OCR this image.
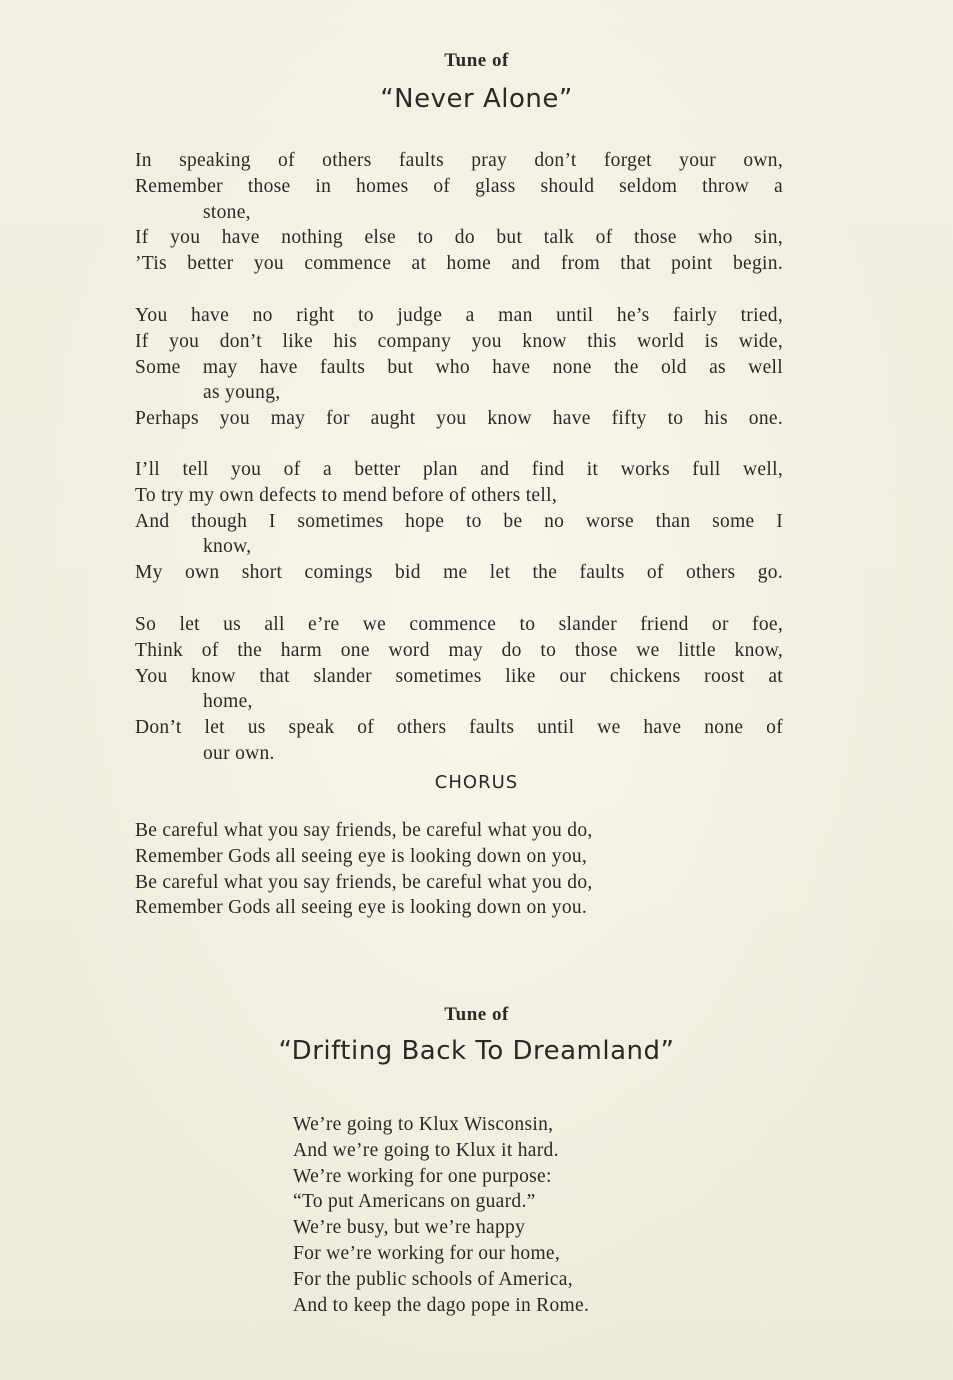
Tune of
“Never Alone”
In speaking of others faults pray don’t forget your own,
Remember those in homes of glass should seldom throw a
stone,
If you have nothing else to do but talk of those who sin,
’Tis better you commence at home and from that point begin.
You have no right to judge a man until he’s fairly tried,
If you don’t like his company you know this world is wide,
Some may have faults but who have none the old as well
as young,
Perhaps you may for aught you know have fifty to his one.
I’ll tell you of a better plan and find it works full well,
To try my own defects to mend before of others tell,
And though I sometimes hope to be no worse than some I
know,
My own short comings bid me let the faults of others go.
So let us all e’re we commence to slander friend or foe,
Think of the harm one word may do to those we little know,
You know that slander sometimes like our chickens roost at
home,
Don’t let us speak of others faults until we have none of
our own.
CHORUS
Be careful what you say friends, be careful what you do,
Remember Gods all seeing eye is looking down on you,
Be careful what you say friends, be careful what you do,
Remember Gods all seeing eye is looking down on you.
Tune of
“Drifting Back To Dreamland”
We’re going to Klux Wisconsin,
And we’re going to Klux it hard.
We’re working for one purpose:
“To put Americans on guard.”
We’re busy, but we’re happy
For we’re working for our home,
For the public schools of America,
And to keep the dago pope in Rome.
